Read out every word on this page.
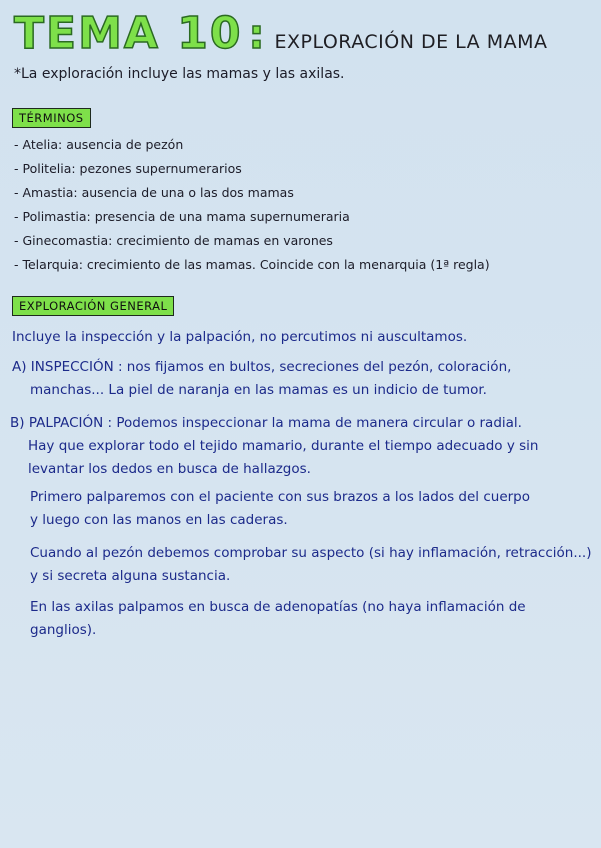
TEMA 10 : EXPLORACIÓN DE LA MAMA
*La exploración incluye las mamas y las axilas.
TÉRMINOS
- Atelia: ausencia de pezón
- Politelia: pezones supernumerarios
- Amastia: ausencia de una o las dos mamas
- Polimastia: presencia de una mama supernumeraria
- Ginecomastia: crecimiento de mamas en varones
- Telarquia: crecimiento de las mamas. Coincide con la menarquia (1ª regla)
EXPLORACIÓN GENERAL
Incluye la inspección y la palpación, no percutimos ni auscultamos.
A) INSPECCIÓN : nos fijamos en bultos, secreciones del pezón, coloración,
manchas... La piel de naranja en las mamas es un indicio de tumor.
B) PALPACIÓN : Podemos inspeccionar la mama de manera circular o radial.
Hay que explorar todo el tejido mamario, durante el tiempo adecuado y sin
levantar los dedos en busca de hallazgos.
Primero palparemos con el paciente con sus brazos a los lados del cuerpo
y luego con las manos en las caderas.
Cuando al pezón debemos comprobar su aspecto (si hay inflamación, retracción...)
y si secreta alguna sustancia.
En las axilas palpamos en busca de adenopatías (no haya inflamación de
ganglios).
